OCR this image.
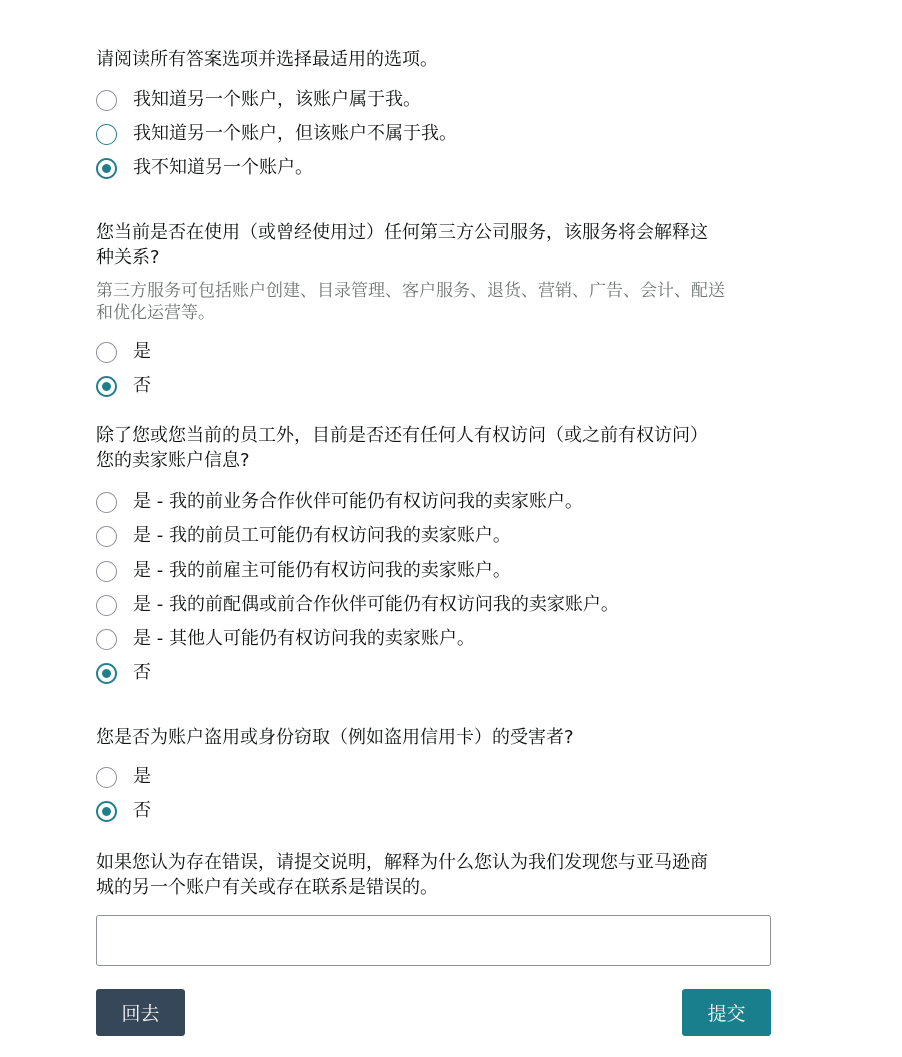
请阅读所有答案选项并选择最适用的选项。
我知道另一个账户，该账户属于我。
我知道另一个账户，但该账户不属于我。
我不知道另一个账户。
您当前是否在使用（或曾经使用过）任何第三方公司服务，该服务将会解释这
种关系?
第三方服务可包括账户创建、目录管理、客户服务、退货、营销、广告、会计、配送
和优化运营等。
是
否
除了您或您当前的员工外，目前是否还有任何人有权访问（或之前有权访问）
您的卖家账户信息?
是 - 我的前业务合作伙伴可能仍有权访问我的卖家账户。
是 - 我的前员工可能仍有权访问我的卖家账户。
是 - 我的前雇主可能仍有权访问我的卖家账户。
是 - 我的前配偶或前合作伙伴可能仍有权访问我的卖家账户。
是 - 其他人可能仍有权访问我的卖家账户。
否
您是否为账户盗用或身份窃取（例如盗用信用卡）的受害者?
是
否
如果您认为存在错误，请提交说明，解释为什么您认为我们发现您与亚马逊商
城的另一个账户有关或存在联系是错误的。
回去	提交
